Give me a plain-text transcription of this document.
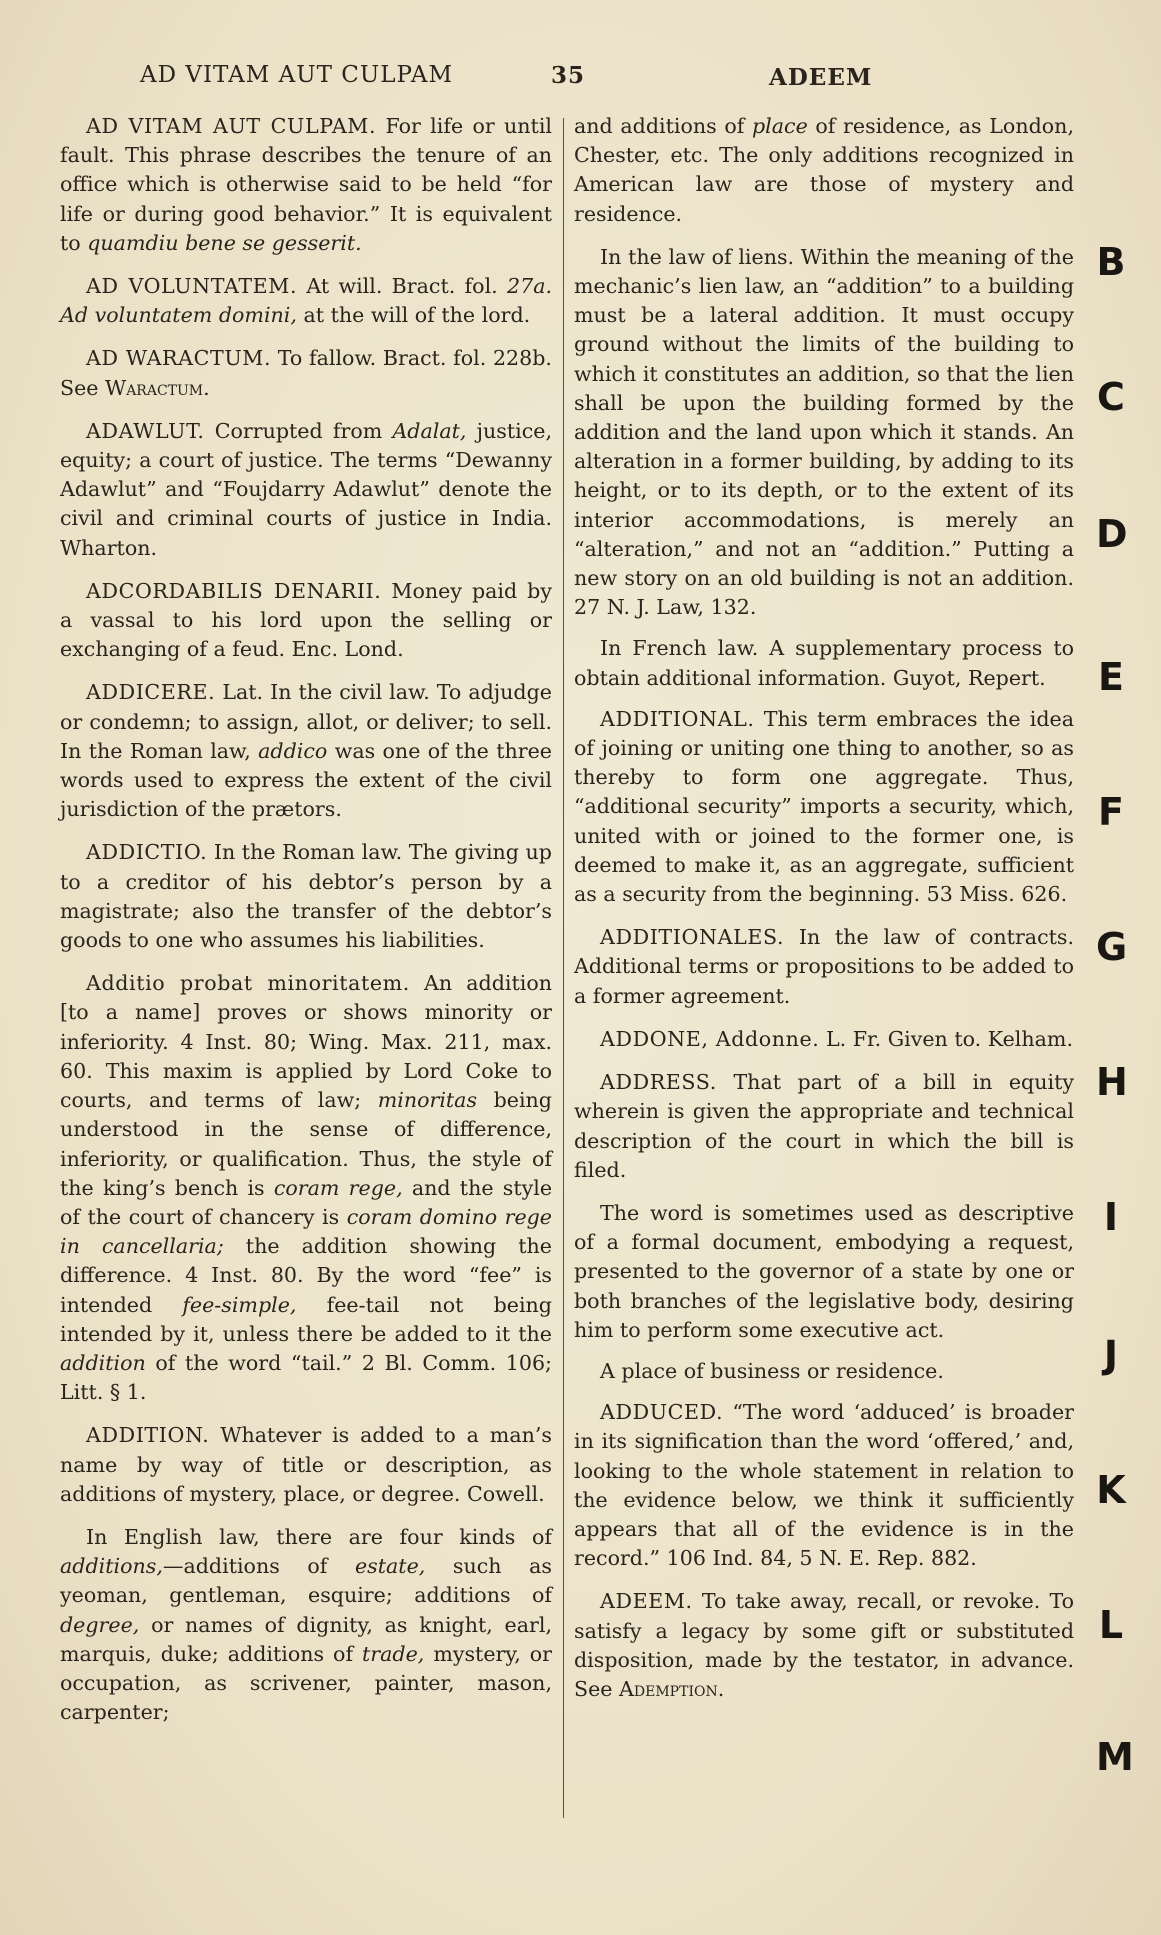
AD VITAM AUT CULPAM	35	ADEEM

AD VITAM AUT CULPAM. For life or until fault. This phrase describes the tenure of an office which is otherwise said to be held “for life or during good behavior.” It is equivalent to quamdiu bene se gesserit.

AD VOLUNTATEM. At will. Bract. fol. 27a. Ad voluntatem domini, at the will of the lord.

AD WARACTUM. To fallow. Bract. fol. 228b. See Waractum.

ADAWLUT. Corrupted from Adalat, justice, equity; a court of justice. The terms “Dewanny Adawlut” and “Foujdarry Adawlut” denote the civil and criminal courts of justice in India. Wharton.

ADCORDABILIS DENARII. Money paid by a vassal to his lord upon the selling or exchanging of a feud. Enc. Lond.

ADDICERE. Lat. In the civil law. To adjudge or condemn; to assign, allot, or deliver; to sell. In the Roman law, addico was one of the three words used to express the extent of the civil jurisdiction of the prætors.

ADDICTIO. In the Roman law. The giving up to a creditor of his debtor’s person by a magistrate; also the transfer of the debtor’s goods to one who assumes his liabilities.

Additio probat minoritatem. An addition [to a name] proves or shows minority or inferiority. 4 Inst. 80; Wing. Max. 211, max. 60. This maxim is applied by Lord Coke to courts, and terms of law; minoritas being understood in the sense of difference, inferiority, or qualification. Thus, the style of the king’s bench is coram rege, and the style of the court of chancery is coram domino rege in cancellaria; the addition showing the difference. 4 Inst. 80. By the word “fee” is intended fee-simple, fee-tail not being intended by it, unless there be added to it the addition of the word “tail.” 2 Bl. Comm. 106; Litt. § 1.

ADDITION. Whatever is added to a man’s name by way of title or description, as additions of mystery, place, or degree. Cowell.

In English law, there are four kinds of additions,—additions of estate, such as yeoman, gentleman, esquire; additions of degree, or names of dignity, as knight, earl, marquis, duke; additions of trade, mystery, or occupation, as scrivener, painter, mason, carpenter;

and additions of place of residence, as London, Chester, etc. The only additions recognized in American law are those of mystery and residence.

In the law of liens. Within the meaning of the mechanic’s lien law, an “addition” to a building must be a lateral addition. It must occupy ground without the limits of the building to which it constitutes an addition, so that the lien shall be upon the building formed by the addition and the land upon which it stands. An alteration in a former building, by adding to its height, or to its depth, or to the extent of its interior accommodations, is merely an “alteration,” and not an “addition.” Putting a new story on an old building is not an addition. 27 N. J. Law, 132.

In French law. A supplementary process to obtain additional information. Guyot, Repert.

ADDITIONAL. This term embraces the idea of joining or uniting one thing to another, so as thereby to form one aggregate. Thus, “additional security” imports a security, which, united with or joined to the former one, is deemed to make it, as an aggregate, sufficient as a security from the beginning. 53 Miss. 626.

ADDITIONALES. In the law of contracts. Additional terms or propositions to be added to a former agreement.

ADDONE, Addonne. L. Fr. Given to. Kelham.

ADDRESS. That part of a bill in equity wherein is given the appropriate and technical description of the court in which the bill is filed.

The word is sometimes used as descriptive of a formal document, embodying a request, presented to the governor of a state by one or both branches of the legislative body, desiring him to perform some executive act.

A place of business or residence.

ADDUCED. “The word ‘adduced’ is broader in its signification than the word ‘offered,’ and, looking to the whole statement in relation to the evidence below, we think it sufficiently appears that all of the evidence is in the record.” 106 Ind. 84, 5 N. E. Rep. 882.

ADEEM. To take away, recall, or revoke. To satisfy a legacy by some gift or substituted disposition, made by the testator, in advance. See Ademption.

B
C
D
E
F
G
H
I
J
K
L
M
